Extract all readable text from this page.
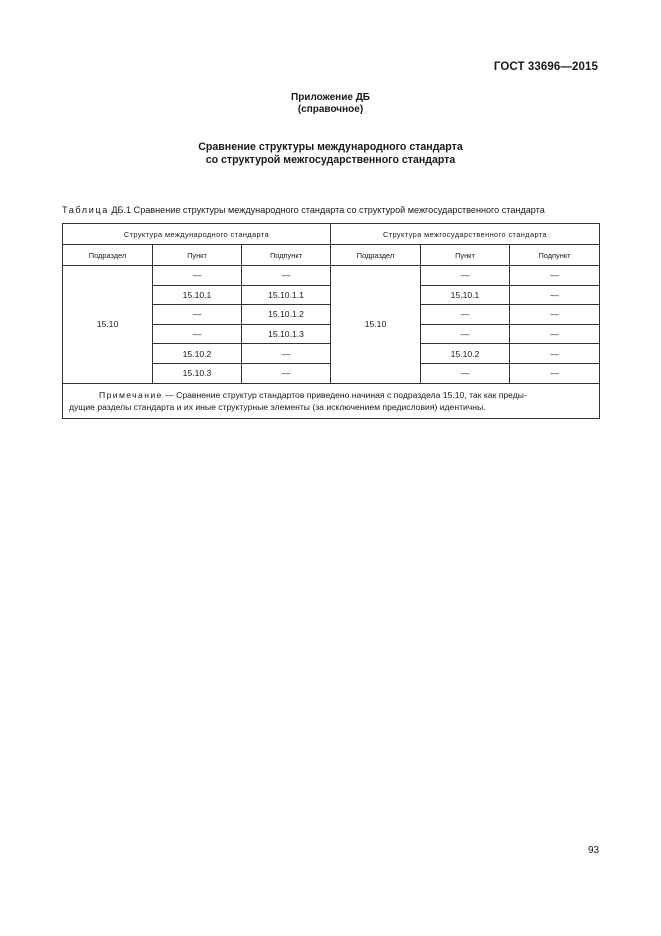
ГОСТ 33696—2015
Приложение ДБ
(справочное)
Сравнение структуры международного стандарта
со структурой межгосударственного стандарта
Таблица ДБ.1 Сравнение структуры международного стандарта со структурой межгосударственного стандарта
Структура международного стандарта			Структура межгосударственного стандарта		
Подраздел	Пункт	Подпункт	Подраздел	Пункт	Подпункт
15.10	—	—	15.10	—	—
	15.10.1	15.10.1.1		15.10.1	—
	—	15.10.1.2		—	—
	—	15.10.1.3		—	—
	15.10.2	—		15.10.2	—
	15.10.3	—		—	—

Примечание — Сравнение структур стандартов приведено начиная с подраздела 15.10, так как преды-
дущие разделы стандарта и их иные структурные элементы (за исключением предисловия) идентичны.					
93
